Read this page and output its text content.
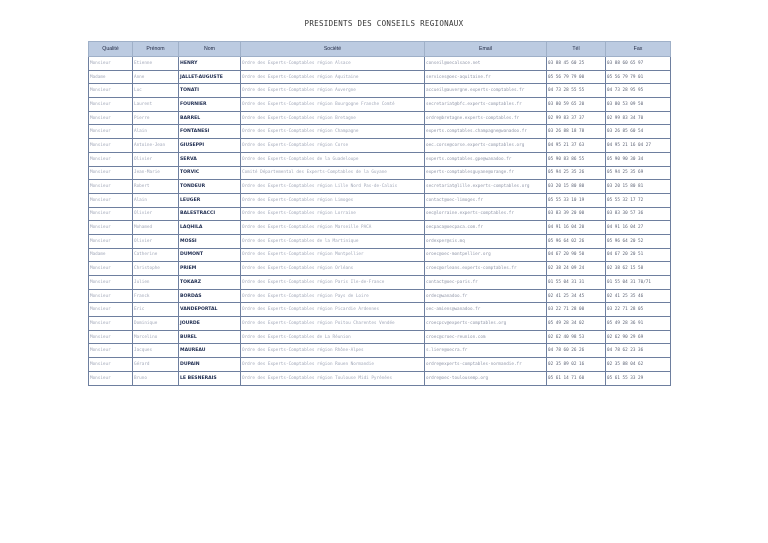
PRESIDENTS DES CONSEILS REGIONAUX
Qualité	Prénom	Nom	Société	Email	Tél	Fax
Monsieur	Etienne	HENRY	Ordre des Experts-Comptables région Alsace	conseil@oecalsace.net	03 88 45 60 25	03 88 60 65 97
Madame	Anne	JALLET-AUGUSTE	Ordre des Experts-Comptables région Aquitaine	services@oec-aquitaine.fr	05 56 79 79 00	05 56 79 79 01
Monsieur	Luc	TONATI	Ordre des Experts-Comptables région Auvergne	accueil@auvergne.experts-comptables.fr	04 73 28 55 55	04 73 28 95 95
Monsieur	Laurent	FOURNIER	Ordre des Experts-Comptables région Bourgogne Franche Comté	secretariat@bfc.experts-comptables.fr	03 80 59 65 20	03 80 53 09 50
Monsieur	Pierre	BARREL	Ordre des Experts-Comptables région Bretagne	ordre@bretagne.experts-comptables.fr	02 99 83 37 37	02 99 83 34 70
Monsieur	Alain	FONTANESI	Ordre des Experts-Comptables région Champagne	experts.comptables.champagne@wanadoo.fr	03 26 88 18 78	03 26 85 60 54
Monsieur	Antoine-Jean	GIUSEPPI	Ordre des Experts-Comptables région Corse	oec.corse@corse.experts-comptables.org	04 95 21 37 63	04 95 21 16 04 27
Monsieur	Olivier	SERVA	Ordre des Experts-Comptables de la Guadeloupe	experts.comptables.gpe@wanadoo.fr	05 90 83 86 55	05 90 90 30 34
Monsieur	Jean-Marie	TORVIC	Comité Départemental des Experts-Comptables de la Guyane	experts-comptablesguyane@orange.fr	05 94 25 35 26	05 94 25 35 69
Monsieur	Robert	TONDEUR	Ordre des Experts-Comptables région Lille Nord Pas-de-Calais	secretariat@lille.experts-comptables.org	03 20 15 80 80	03 20 15 80 81
Monsieur	Alain	LEUGER	Ordre des Experts-Comptables région Limoges	contact@oec-limoges.fr	05 55 33 10 19	05 55 32 17 72
Monsieur	Olivier	BALESTRACCI	Ordre des Experts-Comptables région Lorraine	oec@lorraine.experts-comptables.fr	03 83 39 20 00	03 83 30 57 36
Monsieur	Mohamed	LAQHILA	Ordre des Experts-Comptables région Marseille PACA	oecpaca@oecpaca.com.fr	04 91 16 04 20	04 91 16 04 27
Monsieur	Olivier	MOSSI	Ordre des Experts-Comptables de la Martinique	ordexper@sis.mq	05 96 64 02 26	05 96 64 20 52
Madame	Catherine	DUMONT	Ordre des Experts-Comptables région Montpellier	oroec@oec-montpellier.org	04 67 20 90 50	04 67 20 20 51
Monsieur	Christophe	PRIEM	Ordre des Experts-Comptables région Orléans	croec@orleans.experts-comptables.fr	02 38 24 09 24	02 38 62 15 58
Monsieur	Julien	TOKARZ	Ordre des Experts-Comptables région Paris Ile-de-France	contact@oec-paris.fr	01 55 04 31 31	01 55 04 31 70/71
Monsieur	Franck	BORDAS	Ordre des Experts-Comptables région Pays de Loire	ordec@wanadoo.fr	02 41 25 34 45	02 41 25 35 46
Monsieur	Eric	VANDEPORTAL	Ordre des Experts-Comptables région Picardie Ardennes	oec-amiens@wanadoo.fr	03 22 71 28 00	03 22 71 28 05
Monsieur	Dominique	JOURDE	Ordre des Experts-Comptables région Poitou Charentes Vendée	croecpcv@experts-comptables.org	05 49 28 34 02	05 49 28 36 91
Monsieur	Marcelino	BUREL	Ordre des Experts-Comptables de La Réunion	croec@croec-reunion.com	02 62 40 98 53	02 62 90 29 69
Monsieur	Jacques	MAUREAU	Ordre des Experts-Comptables région Rhône-Alpes	s.liere@oecra.fr	04 78 60 26 26	04 78 62 23 36
Monsieur	Gérard	DUPAIN	Ordre des Experts-Comptables région Rouen Normandie	ordre@experts-comptables-normandie.fr	02 35 89 02 16	02 35 88 04 62
Monsieur	Bruno	LE BESNERAIS	Ordre des Experts-Comptables région Toulouse Midi Pyrénées	ordre@oec-toulousemp.org	05 61 14 71 60	05 61 55 33 29
